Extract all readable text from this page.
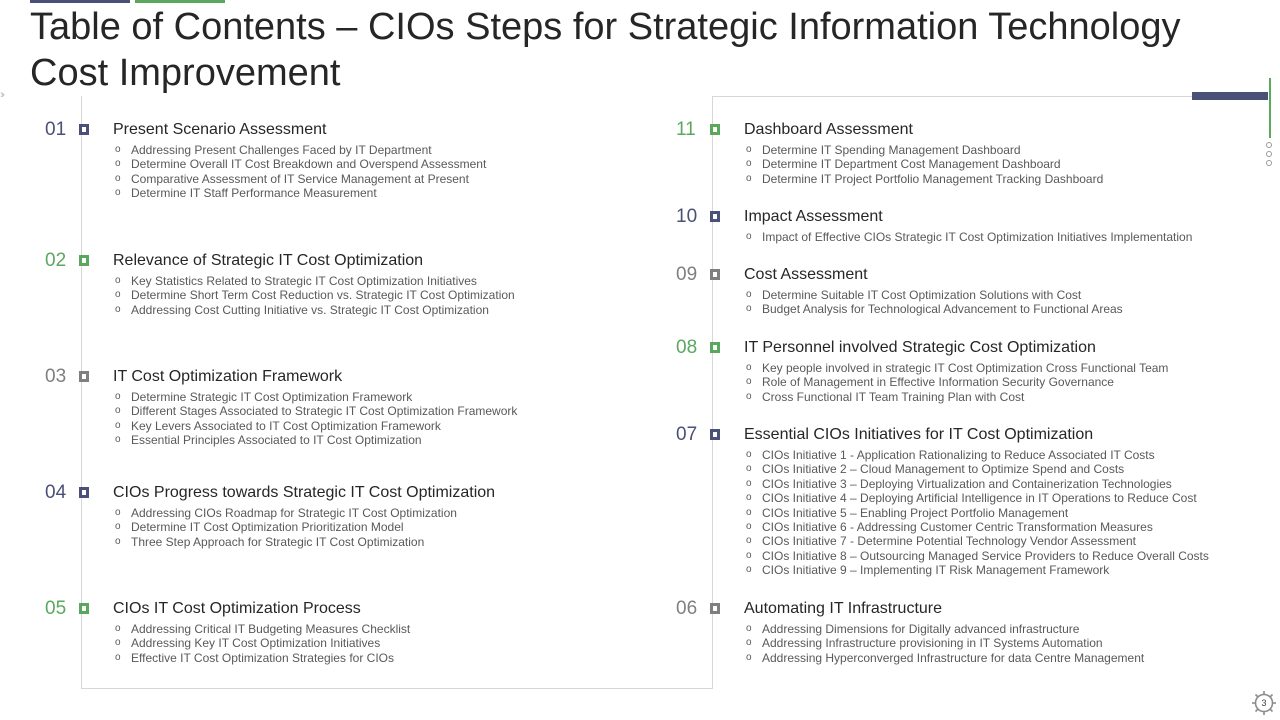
Table of Contents – CIOs Steps for Strategic Information Technology Cost Improvement
›››
01	Present Scenario Assessment
o Addressing Present Challenges Faced by IT Department
o Determine Overall IT Cost Breakdown and Overspend Assessment
o Comparative Assessment of IT Service Management at Present
o Determine IT Staff Performance Measurement
02	Relevance of Strategic IT Cost Optimization
o Key Statistics Related to Strategic IT Cost Optimization Initiatives
o Determine Short Term Cost Reduction vs. Strategic IT Cost Optimization
o Addressing Cost Cutting Initiative vs. Strategic IT Cost Optimization
03	IT Cost Optimization Framework
o Determine Strategic IT Cost Optimization Framework
o Different Stages Associated to Strategic IT Cost Optimization Framework
o Key Levers Associated to IT Cost Optimization Framework
o Essential Principles Associated to IT Cost Optimization
04	CIOs Progress towards Strategic IT Cost Optimization
o Addressing CIOs Roadmap for Strategic IT Cost Optimization
o Determine IT Cost Optimization Prioritization Model
o Three Step Approach for Strategic IT Cost Optimization
05	CIOs IT Cost Optimization Process
o Addressing Critical IT Budgeting Measures Checklist
o Addressing Key IT Cost Optimization Initiatives
o Effective IT Cost Optimization Strategies for CIOs
11	Dashboard Assessment
o Determine IT Spending Management Dashboard
o Determine IT Department Cost Management Dashboard
o Determine IT Project Portfolio Management Tracking Dashboard
10	Impact Assessment
o Impact of Effective CIOs Strategic IT Cost Optimization Initiatives Implementation
09	Cost Assessment
o Determine Suitable IT Cost Optimization Solutions with Cost
o Budget Analysis for Technological Advancement to Functional Areas
08	IT Personnel involved Strategic Cost Optimization
o Key people involved in strategic IT Cost Optimization Cross Functional Team
o Role of Management in Effective Information Security Governance
o Cross Functional IT Team Training Plan with Cost
07	Essential CIOs Initiatives for IT Cost Optimization
o CIOs Initiative 1 - Application Rationalizing to Reduce Associated IT Costs
o CIOs Initiative 2 – Cloud Management to Optimize Spend and Costs
o CIOs Initiative 3 – Deploying Virtualization and Containerization Technologies
o CIOs Initiative 4 – Deploying Artificial Intelligence in IT Operations to Reduce Cost
o CIOs Initiative 5 – Enabling Project Portfolio Management
o CIOs Initiative 6 - Addressing Customer Centric Transformation Measures
o CIOs Initiative 7 - Determine Potential Technology Vendor Assessment
o CIOs Initiative 8 – Outsourcing Managed Service Providers to Reduce Overall Costs
o CIOs Initiative 9 – Implementing IT Risk Management Framework
06	Automating IT Infrastructure
o Addressing Dimensions for Digitally advanced infrastructure
o Addressing Infrastructure provisioning in IT Systems Automation
o Addressing Hyperconverged Infrastructure for data Centre Management
3
